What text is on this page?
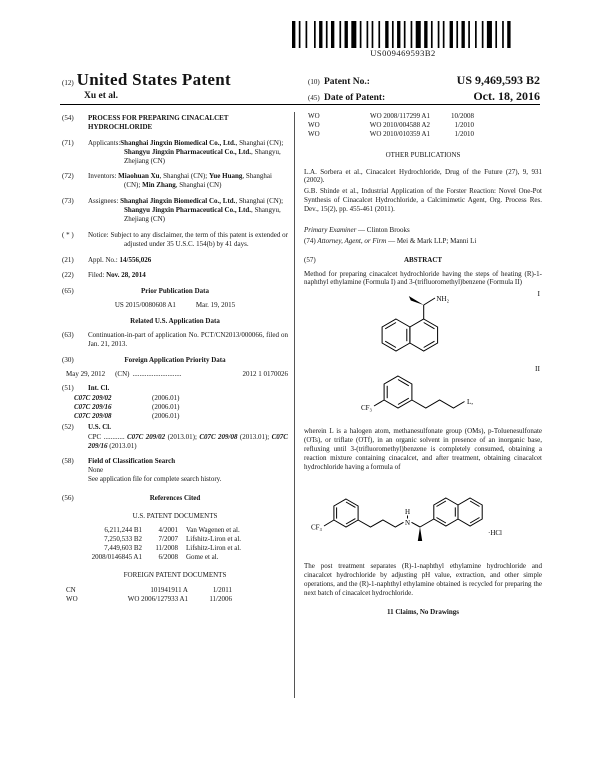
US009469593B2
(12) United States Patent
Xu et al.
(10) Patent No.:	US 9,469,593 B2
(45) Date of Patent:	Oct. 18, 2016
(54)	PROCESS FOR PREPARING CINACALCET HYDROCHLORIDE
(71)	Applicants:Shanghai Jingxin Biomedical Co., Ltd., Shanghai (CN); Shangyu Jingxin Pharmaceutical Co., Ltd., Shangyu, Zhejiang (CN)
(72)	Inventors: Miaohuan Xu, Shanghai (CN); Yue Huang, Shanghai (CN); Min Zhang, Shanghai (CN)
(73)	Assignees: Shanghai Jingxin Biomedical Co., Ltd., Shanghai (CN); Shangyu Jingxin Pharmaceutical Co., Ltd., Shangyu, Zhejiang (CN)
( * )	Notice: Subject to any disclaimer, the term of this patent is extended or adjusted under 35 U.S.C. 154(b) by 41 days.
(21)	Appl. No.: 14/556,026
(22)	Filed: Nov. 28, 2014
(65)	Prior Publication Data
US 2015/0080608 A1	Mar. 19, 2015
Related U.S. Application Data
(63)	Continuation-in-part of application No. PCT/CN2013/000066, filed on Jan. 21, 2013.
(30)	Foreign Application Priority Data
May 29, 2012 (CN) ............................	2012 1 0170026
(51)	Int. Cl.
C07C 209/02	(2006.01)
C07C 209/16	(2006.01)
C07C 209/08	(2006.01)
(52)	U.S. Cl.
CPC ............ C07C 209/02 (2013.01); C07C 209/08 (2013.01); C07C 209/16 (2013.01)
(58)	Field of Classification Search
None
See application file for complete search history.
(56)	References Cited
U.S. PATENT DOCUMENTS
6,211,244 B1	4/2001 Van Wagenen et al.
7,250,533 B2	7/2007 Lifshitz-Liron et al.
7,449,603 B2	11/2008 Lifshitz-Liron et al.
2008/0146845 A1	6/2008 Gome et al.
FOREIGN PATENT DOCUMENTS
CN	101941911 A	1/2011
WO	WO 2006/127933 A1	11/2006
WO	WO 2008/117299 A1	10/2008
WO	WO 2010/004588 A2	1/2010
WO	WO 2010/010359 A1	1/2010
OTHER PUBLICATIONS
L.A. Sorbera et al., Cinacalcet Hydrochloride, Drug of the Future (27), 9, 931 (2002).
G.B. Shinde et al., Industrial Application of the Forster Reaction: Novel One-Pot Synthesis of Cinacalcet Hydrochloride, a Calcimimetic Agent, Org. Process Res. Dev., 15(2), pp. 455-461 (2011).
Primary Examiner — Clinton Brooks
(74) Attorney, Agent, or Firm — Mei & Mark LLP; Manni Li
(57)	ABSTRACT
Method for preparing cinacalcet hydrochloride having the steps of heating (R)-1-naphthyl ethylamine (Formula I) and 3-(trifluoromethyl)benzene (Formula II)
I
NH₂
II
CF₃
L,
wherein L is a halogen atom, methanesulfonate group (OMs), p-Toluenesulfonate (OTs), or triflate (OTf), in an organic solvent in presence of an inorganic base, refluxing until 3-(trifluoromethyl)benzene is completely consumed, obtaining a reaction mixture containing cinacalcet, and after treatment, obtaining cinacalcet hydrochloride having a formula of
CF₃
N
H
·HCl
The post treatment separates (R)-1-naphthyl ethylamine hydrochloride and cinacalcet hydrochloride by adjusting pH value, extraction, and other simple operations, and the (R)-1-naphthyl ethylamine obtained is recycled for preparing the next batch of cinacalcet hydrochloride.
11 Claims, No Drawings
